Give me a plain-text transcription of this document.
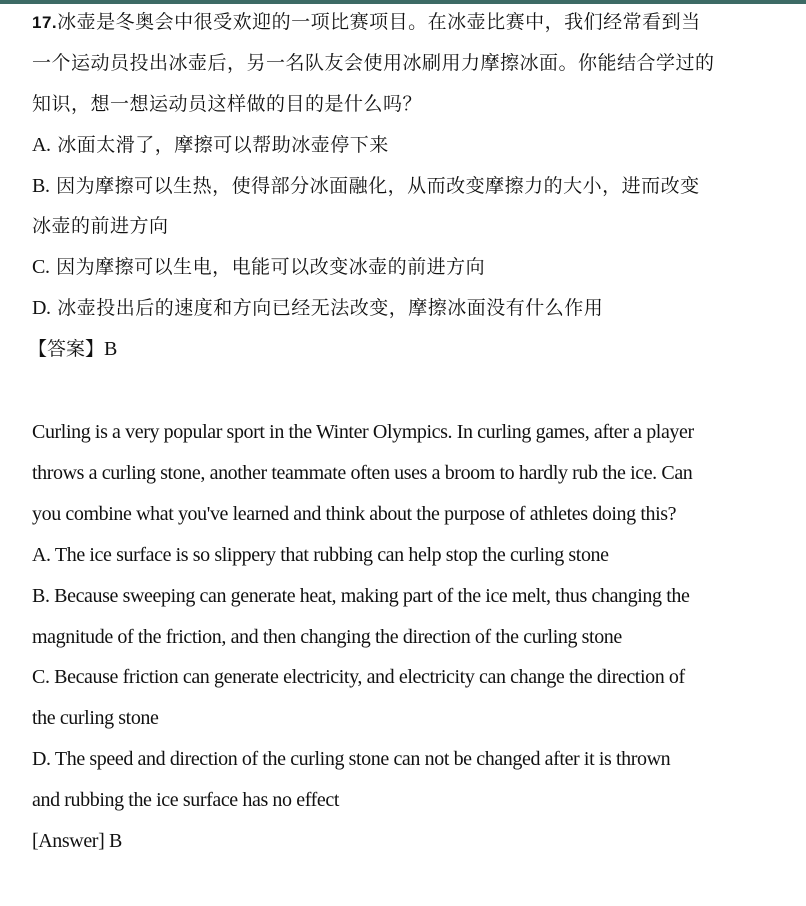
17.冰壶是冬奥会中很受欢迎的一项比赛项目。在冰壶比赛中，我们经常看到当
一个运动员投出冰壶后，另一名队友会使用冰刷用力摩擦冰面。你能结合学过的
知识，想一想运动员这样做的目的是什么吗？
A. 冰面太滑了，摩擦可以帮助冰壶停下来
B. 因为摩擦可以生热，使得部分冰面融化，从而改变摩擦力的大小，进而改变
冰壶的前进方向
C. 因为摩擦可以生电，电能可以改变冰壶的前进方向
D. 冰壶投出后的速度和方向已经无法改变，摩擦冰面没有什么作用
【答案】B
Curling is a very popular sport in the Winter Olympics. In curling games, after a player
throws a curling stone, another teammate often uses a broom to hardly rub the ice. Can
you combine what you've learned and think about the purpose of athletes doing this?
A. The ice surface is so slippery that rubbing can help stop the curling stone
B. Because sweeping can generate heat, making part of the ice melt, thus changing the
magnitude of the friction, and then changing the direction of the curling stone
C. Because friction can generate electricity, and electricity can change the direction of
the curling stone
D. The speed and direction of the curling stone can not be changed after it is thrown
and rubbing the ice surface has no effect
[Answer] B
